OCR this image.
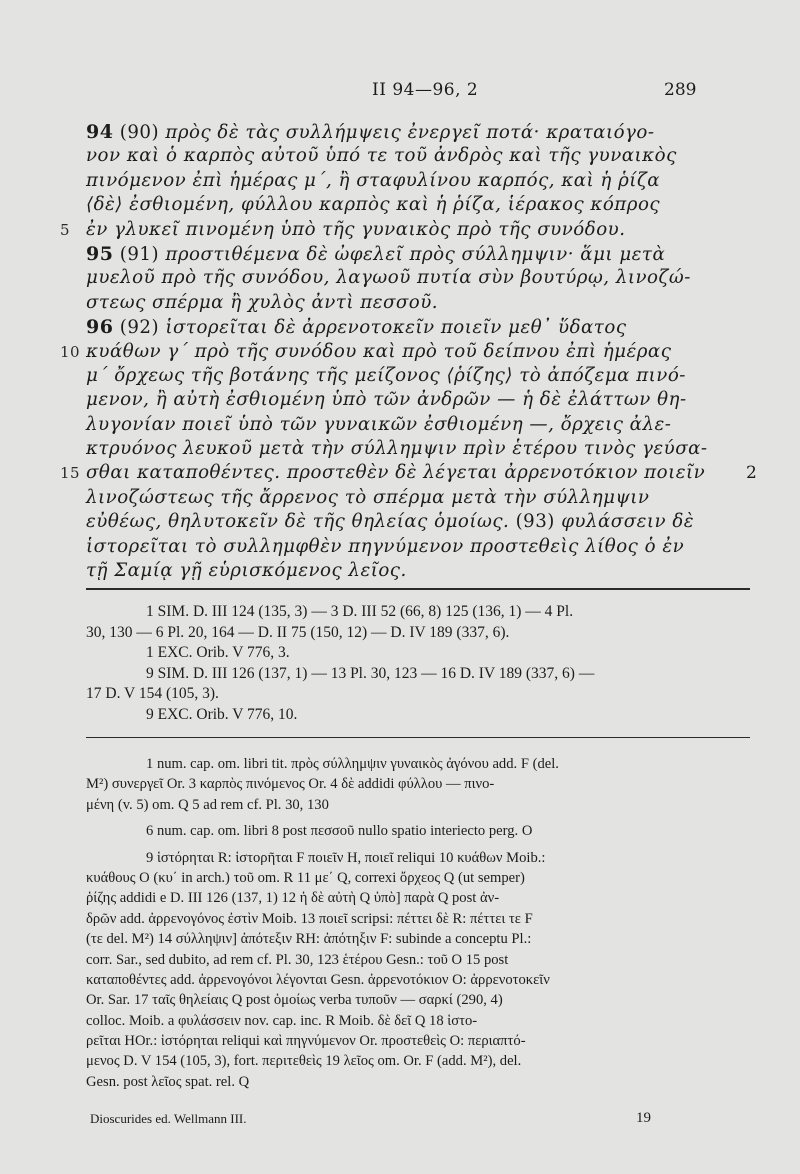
II 94—96, 2	289
94 (90) πρὸς δὲ τὰς συλλήμψεις ἐνεργεῖ ποτά· κραταιόγο-
νον καὶ ὁ καρπὸς αὐτοῦ ὑπό τε τοῦ ἀνδρὸς καὶ τῆς γυναικὸς
πινόμενον ἐπὶ ἡμέρας μ΄, ἢ σταφυλίνου καρπός, καὶ ἡ ῥίζα
⟨δὲ⟩ ἐσθιομένη, φύλλου καρπὸς καὶ ἡ ῥίζα, ἱέρακος κόπρος
5 ἐν γλυκεῖ πινομένη ὑπὸ τῆς γυναικὸς πρὸ τῆς συνόδου.
95 (91) προστιθέμενα δὲ ὠφελεῖ πρὸς σύλλημψιν· ἅμι μετὰ
μυελοῦ πρὸ τῆς συνόδου, λαγωοῦ πυτία σὺν βουτύρῳ, λινοζώ-
στεως σπέρμα ἢ χυλὸς ἀντὶ πεσσοῦ.
96 (92) ἱστορεῖται δὲ ἀρρενοτοκεῖν ποιεῖν μεθ᾽ ὕδατος
10 κυάθων γ΄ πρὸ τῆς συνόδου καὶ πρὸ τοῦ δείπνου ἐπὶ ἡμέρας
μ΄ ὄρχεως τῆς βοτάνης τῆς μείζονος ⟨ῥίζης⟩ τὸ ἀπόζεμα πινό-
μενον, ἢ αὐτὴ ἐσθιομένη ὑπὸ τῶν ἀνδρῶν — ἡ δὲ ἐλάττων θη-
λυγονίαν ποιεῖ ὑπὸ τῶν γυναικῶν ἐσθιομένη —, ὄρχεις ἀλε-
κτρυόνος λευκοῦ μετὰ τὴν σύλλημψιν πρὶν ἑτέρου τινὸς γεύσα-
15 σθαι καταποθέντες. προστεθὲν δὲ λέγεται ἀρρενοτόκιον ποιεῖν 2
λινοζώστεως τῆς ἄρρενος τὸ σπέρμα μετὰ τὴν σύλλημψιν
εὐθέως, θηλυτοκεῖν δὲ τῆς θηλείας ὁμοίως. (93) φυλάσσειν δὲ
ἱστορεῖται τὸ συλλημφθὲν πηγνύμενον προστεθεὶς λίθος ὁ ἐν
τῇ Σαμίᾳ γῇ εὑρισκόμενος λεῖος.
1 SIM. D. III 124 (135, 3) — 3 D. III 52 (66, 8) 125 (136, 1) — 4 Pl.
30, 130 — 6 Pl. 20, 164 — D. II 75 (150, 12) — D. IV 189 (337, 6).
1 EXC. Orib. V 776, 3.
9 SIM. D. III 126 (137, 1) — 13 Pl. 30, 123 — 16 D. IV 189 (337, 6) —
17 D. V 154 (105, 3).
9 EXC. Orib. V 776, 10.
1 num. cap. om. libri tit. πρὸς σύλλημψιν γυναικὸς ἀγόνου add. F (del.
M²) συνεργεῖ Or. 3 καρπὸς πινόμενος Or. 4 δὲ addidi φύλλου — πινο-
μένη (v. 5) om. Q 5 ad rem cf. Pl. 30, 130
6 num. cap. om. libri 8 post πεσσοῦ nullo spatio interiecto perg. O
9 ἱστόρηται R: ἱστορῆται F ποιεῖν H, ποιεῖ reliqui 10 κυάθων Moib.:
κυάθους O (κυ΄ in arch.) τοῦ om. R 11 με΄ Q, correxi ὄρχεος Q (ut semper)
ῥίζης addidi e D. III 126 (137, 1) 12 ἡ δὲ αὐτὴ Q ὑπὸ] παρὰ Q post ἀν-
δρῶν add. ἀρρενογόνος ἐστὶν Moib. 13 ποιεῖ scripsi: πέττει δὲ R: πέττει τε F
(τε del. M²) 14 σύλληψιν] ἀπότεξιν RH: ἀπότηξιν F: subinde a conceptu Pl.:
corr. Sar., sed dubito, ad rem cf. Pl. 30, 123 ἑτέρου Gesn.: τοῦ O 15 post
καταποθέντες add. ἀρρενογόνοι λέγονται Gesn. ἀρρενοτόκιον O: ἀρρενοτοκεῖν
Or. Sar. 17 ταῖς θηλείαις Q post ὁμοίως verba τυποῦν — σαρκί (290, 4)
colloc. Moib. a φυλάσσειν nov. cap. inc. R Moib. δὲ δεῖ Q 18 ἱστο-
ρεῖται HOr.: ἱστόρηται reliqui καὶ πηγνύμενον Or. προστεθεὶς O: περιαπτό-
μενος D. V 154 (105, 3), fort. περιτεθεὶς 19 λεῖος om. Or. F (add. M²), del.
Gesn. post λεῖος spat. rel. Q
Dioscurides ed. Wellmann III.	19
